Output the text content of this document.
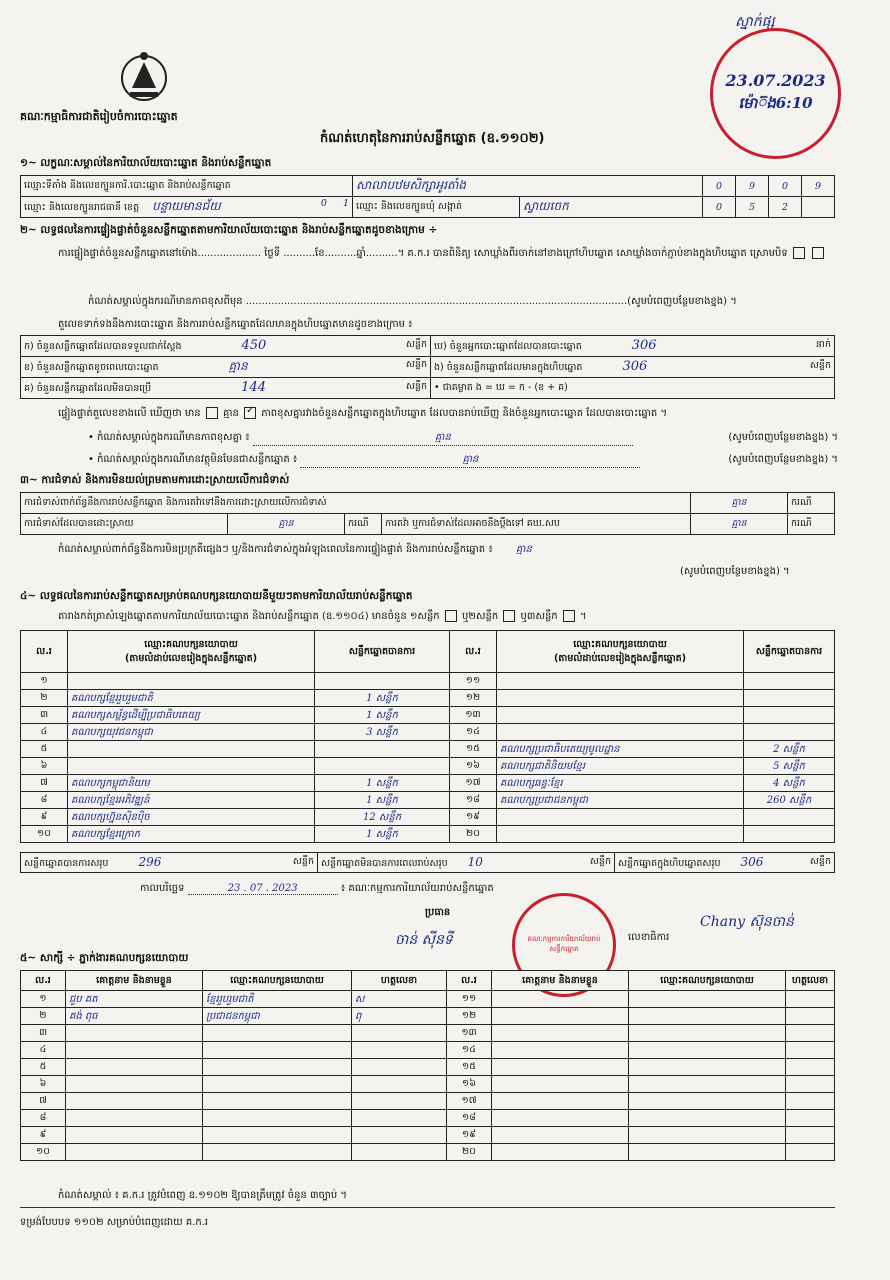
គណៈកម្មាធិការជាតិរៀបចំការបោះឆ្នោត
កំណត់ហេតុនៃការរាប់សន្លឹកឆ្នោត (ឧ.១១០២)
ស្នាក់ផ្ស
23.07.2023
ម៉ោ៊ង6:10
១~ លក្ខណៈសម្គាល់នៃការិយាល័យបោះឆ្នោត និងរាប់សន្លឹកឆ្នោត
ឈ្មោះទីតាំង និងលេខក្បួនការិ.បោះឆ្នោត និងរាប់សន្លឹកឆ្នោត	សាលាបឋមសិក្សាអូរតាំង		0	9	0	9
ឈ្មោះ និងលេខក្បួនរាជធានី ខេត្ត បន្ទាយមានជ័យ 0 1	ឈ្មោះ និងលេខក្បួនឃុំ សង្កាត់	ស្វាយចេក	0	5	2	
២~ លទ្ធផលនៃការផ្ទៀងផ្ទាត់ចំនួនសន្លឹកឆ្នោតតាមការិយាល័យបោះឆ្នោត និងរាប់សន្លឹកឆ្នោតដូចខាងក្រោម ÷
ការផ្ទៀងផ្ទាត់ចំនួនសន្លឹកឆ្នោតនៅម៉ោង.................... ថ្ងៃទី ..........ខែ..........ឆ្នាំ..........។ គ.ក.រ បានពិនិត្យ សោឃ្លាំងពីរចាក់នៅខាងក្រៅហិបឆ្នោត សោឃ្លាំងចាក់ភ្ជាប់ខាងក្នុងហិបឆ្នោត ស្រោមបិទ
កំណត់សម្គាល់ក្នុងករណីមានភាពខុសពីមុន ........................................................................................................................(សូមបំពេញបន្ថែមខាងខ្នង) ។
តួលេខទាក់ទងនឹងការបោះឆ្នោត និងការរាប់សន្លឹកឆ្នោតដែលមានក្នុងហិបឆ្នោតមានដូចខាងក្រោម ៖
ក) ចំនួនសន្លឹកឆ្នោតដែលបានទទួលជាក់ស្តែង 450 សន្លឹក	ឃ) ចំនួនអ្នកបោះឆ្នោតដែលបានបោះឆ្នោត 306 នាក់

ខ) ចំនួនសន្លឹកឆ្នោតខូចពេលបោះឆ្នោត គ្មាន សន្លឹក	ង) ចំនួនសន្លឹកឆ្នោតដែលមានក្នុងហិបឆ្នោត 306 សន្លឹក

គ) ចំនួនសន្លឹកឆ្នោតដែលមិនបានប្រើ 144 សន្លឹក	• ជាគម្លាត ង = ឃ = ក - (ខ + គ)
ផ្ទៀងផ្ទាត់តួលេខខាងលើ ឃើញថា មាន គ្មាន ✓ ភាពខុសគ្នារវាងចំនួនសន្លឹកឆ្នោតក្នុងហិបឆ្នោត ដែលបានរាប់ឃើញ និងចំនួនអ្នកបោះឆ្នោត ដែលបានបោះឆ្នោត ។
• កំណត់សម្គាល់ក្នុងករណីមានភាពខុសគ្នា ៖	គ្មាន	(សូមបំពេញបន្ថែមខាងខ្នង) ។
• កំណត់សម្គាល់ក្នុងករណីមានវត្ថុមិនមែនជាសន្លឹកឆ្នោត ៖	គ្មាន	(សូមបំពេញបន្ថែមខាងខ្នង) ។
៣~ ការជំទាស់ និងការមិនយល់ព្រមតាមការដោះស្រាយលើការជំទាស់
ការជំទាស់ពាក់ព័ន្ធនឹងការរាប់សន្លឹកឆ្នោត និងការតវ៉ាទៅនឹងការដោះស្រាយលើការជំទាស់				គ្មាន	ករណី
ការជំទាស់ដែលបានដោះស្រាយ	គ្មាន	ករណី	ការតវ៉ា ឬការជំទាស់ដែលអាចនឹងប្តឹងទៅ គឃ.សប	គ្មាន	ករណី
កំណត់សម្គាល់ពាក់ព័ន្ធនឹងការមិនប្រក្រតីផ្សេងៗ ឬ/និងការជំទាស់ក្នុងអំឡុងពេលនៃការផ្ទៀងផ្ទាត់ និងការរាប់សន្លឹកឆ្នោត ៖ គ្មាន
(សូមបំពេញបន្ថែមខាងខ្នង) ។
៤~ លទ្ធផលនៃការរាប់សន្លឹកឆ្នោតសម្រាប់គណបក្សនយោបាយនីមួយៗតាមការិយាល័យរាប់សន្លឹកឆ្នោត
តារាងកត់ត្រាសំឡេងឆ្នោតតាមការិយាល័យបោះឆ្នោត និងរាប់សន្លឹកឆ្នោត (ឧ.១១០៤) មានចំនួន ១សន្លឹក ឬ២សន្លឹក ឬ៣សន្លឹក  ។
ល.រ	ឈ្មោះគណបក្សនយោបាយ
(តាមលំដាប់លេខរៀងក្នុងសន្លឹកឆ្នោត)	សន្លឹកឆ្នោតបានការ	ល.រ	ឈ្មោះគណបក្សនយោបាយ
(តាមលំដាប់លេខរៀងក្នុងសន្លឹកឆ្នោត)	សន្លឹកឆ្នោតបានការ
១			១១		
២	គណបក្សខ្មែររួបរួមជាតិ	1 សន្លឹក	១២		
៣	គណបក្សសម្ព័ន្ធដើម្បីប្រជាធិបតេយ្យ	1 សន្លឹក	១៣		
៤	គណបក្សយុវជនកម្ពុជា	3 សន្លឹក	១៤		
៥			១៥	គណបក្សប្រជាធិបតេយ្យមូលដ្ឋាន	2 សន្លឹក
៦			១៦	គណបក្សជាតិនិយមខ្មែរ	5 សន្លឹក
៧	គណបក្សកម្ពុជានិយម	1 សន្លឹក	១៧	គណបក្សឆន្ទៈខ្មែរ	4 សន្លឹក
៨	គណបក្សខ្មែរអភិវឌ្ឍន៍	1 សន្លឹក	១៨	គណបក្សប្រជាជនកម្ពុជា	260 សន្លឹក
៩	គណបក្សហ្វ៊ុនស៊ិនប៉ិច	12 សន្លឹក	១៩		
១០	គណបក្សខ្មែរក្រោក	1 សន្លឹក	២០		
សន្លឹកឆ្នោតបានការសរុប	296	សន្លឹក	សន្លឹកឆ្នោតមិនបានការពេលរាប់សរុប 10	សន្លឹក	សន្លឹកឆ្នោតក្នុងហិបឆ្នោតសរុប 306	សន្លឹក
កាលបរិច្ឆេទ	23 . 07 . 2023	៖ គណៈកម្មការការិយាល័យរាប់សន្លឹកឆ្នោត
ប្រធាន
ចាន់ សុីនទី	គណៈកម្មការការិយាល័យរាប់សន្លឹកឆ្នោត
លេខាធិការ
Chany ស៊ុនចាន់
៥~ សាក្សី ÷ ភ្នាក់ងារគណបក្សនយោបាយ
ល.រ	គោត្តនាម និងនាមខ្លួន	ឈ្មោះគណបក្សនយោបាយ	ហត្ថលេខា	ល.រ	គោត្តនាម និងនាមខ្លួន	ឈ្មោះគណបក្សនយោបាយ	ហត្ថលេខា
១	ជួប គត	ខ្មែររួបរួមជាតិ	ស	១១			
២	គង់ ពុធ	ប្រជាជនកម្ពុជា	ពុ	១២			
៣				១៣			
៤				១៤			
៥				១៥			
៦				១៦			
៧				១៧			
៨				១៨			
៩				១៩			
១០				២០			
កំណត់សម្គាល់ ៖ គ.ក.រ ត្រូវបំពេញ ឧ.១១០២ ឱ្យបានត្រឹមត្រូវ ចំនួន ៣ច្បាប់ ។
ទម្រង់បែបបទ ១១០២ សម្រាប់បំពេញដោយ គ.ក.រ
